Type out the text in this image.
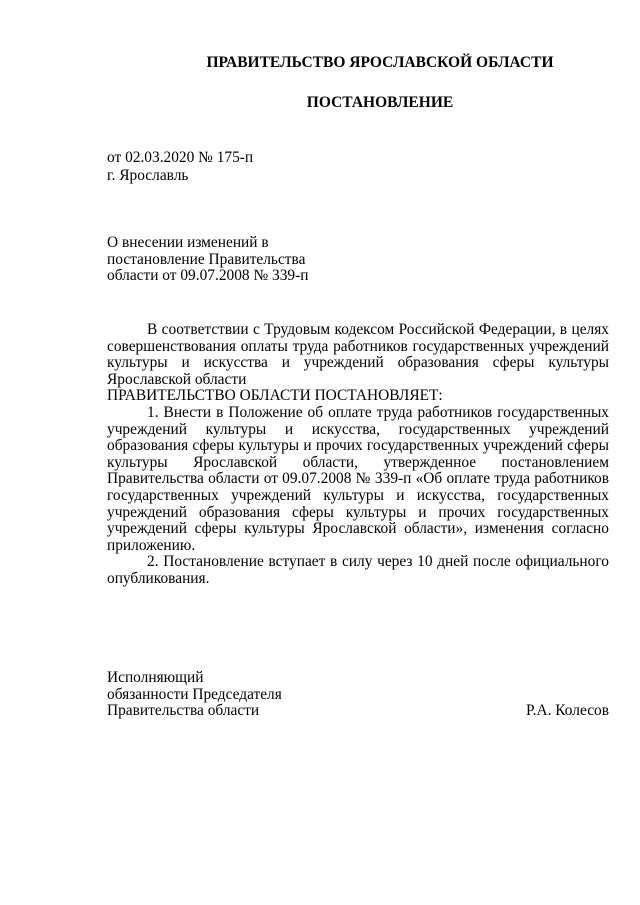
ПРАВИТЕЛЬСТВО ЯРОСЛАВСКОЙ ОБЛАСТИ
ПОСТАНОВЛЕНИЕ
от 02.03.2020 № 175-п
г. Ярославль
О внесении изменений в
постановление Правительства
области от 09.07.2008 № 339-п

В соответствии с Трудовым кодексом Российской Федерации, в целях совершенствования оплаты труда работников государственных учреждений культуры и искусства и учреждений образования сферы культуры Ярославской области

ПРАВИТЕЛЬСТВО ОБЛАСТИ ПОСТАНОВЛЯЕТ:

1. Внести в Положение об оплате труда работников государственных учреждений культуры и искусства, государственных учреждений образования сферы культуры и прочих государственных учреждений сферы культуры Ярославской области, утвержденное постановлением Правительства области от 09.07.2008 № 339-п «Об оплате труда работников государственных учреждений культуры и искусства, государственных учреждений образования сферы культуры и прочих государственных учреждений сферы культуры Ярославской области», изменения согласно приложению.

2. Постановление вступает в силу через 10 дней после официального опубликования.

Исполняющий
обязанности Председателя
Правительства области	Р.А. Колесов
